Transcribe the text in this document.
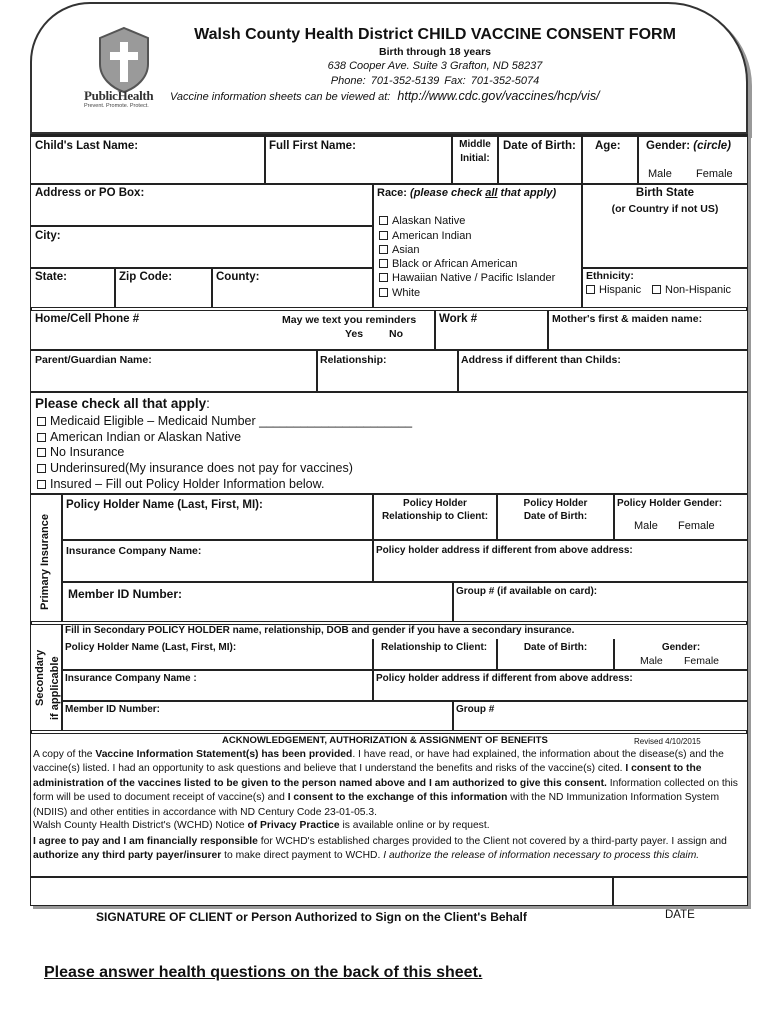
PublicHealth
Prevent. Promote. Protect.
Walsh County Health District CHILD VACCINE CONSENT FORM
Birth through 18 years
638 Cooper Ave. Suite 3 Grafton, ND 58237
Phone: 701-352-5139 Fax: 701-352-5074
Vaccine information sheets can be viewed at: http://www.cdc.gov/vaccines/hcp/vis/
Child's Last Name:	Full First Name:	Middle
Initial:
Date of Birth: Age: Gender: (circle)
Male Female
Address or PO Box:
City:
State:	Zip Code:	County:
Race: (please check all that apply)
Alaskan Native
American Indian
Asian
Black or African American
Hawaiian Native / Pacific Islander
White
Birth State
(or Country if not US)
Ethnicity:
Hispanic	Non-Hispanic
Home/Cell Phone #	May we text you reminders
Yes No
Work #	Mother's first & maiden name:
Parent/Guardian Name:	Relationship:	Address if different than Childs:
Please check all that apply:
Medicaid Eligible – Medicaid Number ______________________
American Indian or Alaskan Native
No Insurance
Underinsured(My insurance does not pay for vaccines)
Insured – Fill out Policy Holder Information below.
Primary Insurance
Policy Holder Name (Last, First, MI):	Policy Holder
Relationship to Client:
Policy Holder
Date of Birth:
Policy Holder Gender:
Male Female
Insurance Company Name:	Policy holder address if different from above address:
Member ID Number:	Group # (if available on card):
Secondary if applicable
Fill in Secondary POLICY HOLDER name, relationship, DOB and gender if you have a secondary insurance.
Policy Holder Name (Last, First, MI):	Relationship to Client:	Date of Birth:	Gender:
Male Female
Insurance Company Name :	Policy holder address if different from above address:
Member ID Number:	Group #
ACKNOWLEDGEMENT, AUTHORIZATION & ASSIGNMENT OF BENEFITS	Revised 4/10/2015
A copy of the Vaccine Information Statement(s) has been provided. I have read, or have had explained, the information about the disease(s) and the vaccine(s) listed. I had an opportunity to ask questions and believe that I understand the benefits and risks of the vaccine(s) cited. I consent to the administration of the vaccines listed to be given to the person named above and I am authorized to give this consent. Information collected on this form will be used to document receipt of vaccine(s) and I consent to the exchange of this information with the ND Immunization Information System (NDIIS) and other entities in accordance with ND Century Code 23-01-05.3.
Walsh County Health District's (WCHD) Notice of Privacy Practice is available online or by request.
I agree to pay and I am financially responsible for WCHD's established charges provided to the Client not covered by a third-party payer. I assign and authorize any third party payer/insurer to make direct payment to WCHD. I authorize the release of information necessary to process this claim.
SIGNATURE OF CLIENT or Person Authorized to Sign on the Client's Behalf	DATE
Please answer health questions on the back of this sheet.
